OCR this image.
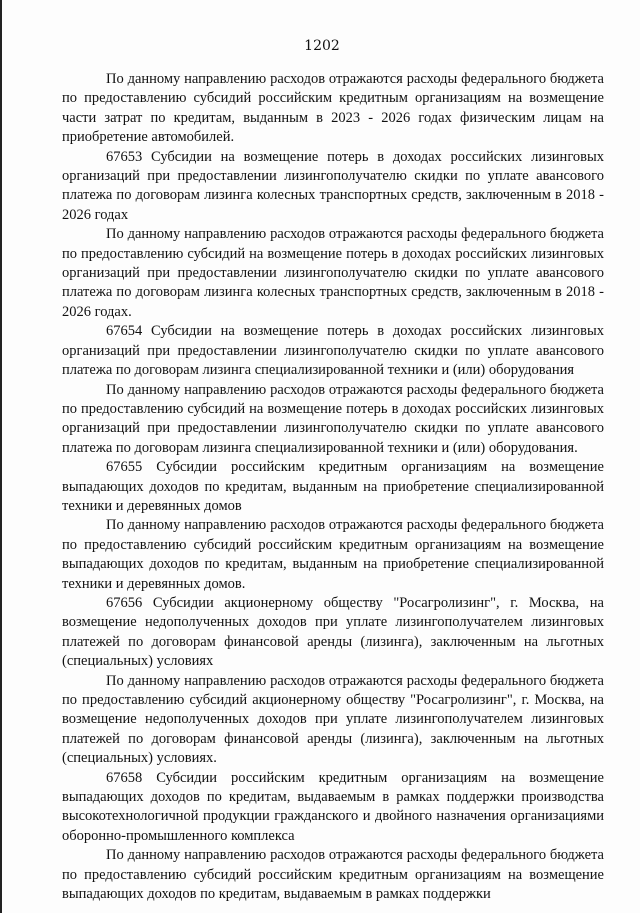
1202

По данному направлению расходов отражаются расходы федерального бюджета по предоставлению субсидий российским кредитным организациям на возмещение части затрат по кредитам, выданным в 2023 - 2026 годах физическим лицам на приобретение автомобилей.

67653 Субсидии на возмещение потерь в доходах российских лизинговых организаций при предоставлении лизингополучателю скидки по уплате авансового платежа по договорам лизинга колесных транспортных средств, заключенным в 2018 - 2026 годах

По данному направлению расходов отражаются расходы федерального бюджета по предоставлению субсидий на возмещение потерь в доходах российских лизинговых организаций при предоставлении лизингополучателю скидки по уплате авансового платежа по договорам лизинга колесных транспортных средств, заключенным в 2018 - 2026 годах.

67654 Субсидии на возмещение потерь в доходах российских лизинговых организаций при предоставлении лизингополучателю скидки по уплате авансового платежа по договорам лизинга специализированной техники и (или) оборудования

По данному направлению расходов отражаются расходы федерального бюджета по предоставлению субсидий на возмещение потерь в доходах российских лизинговых организаций при предоставлении лизингополучателю скидки по уплате авансового платежа по договорам лизинга специализированной техники и (или) оборудования.

67655 Субсидии российским кредитным организациям на возмещение выпадающих доходов по кредитам, выданным на приобретение специализированной техники и деревянных домов

По данному направлению расходов отражаются расходы федерального бюджета по предоставлению субсидий российским кредитным организациям на возмещение выпадающих доходов по кредитам, выданным на приобретение специализированной техники и деревянных домов.

67656 Субсидии акционерному обществу "Росагролизинг", г. Москва, на возмещение недополученных доходов при уплате лизингополучателем лизинговых платежей по договорам финансовой аренды (лизинга), заключенным на льготных (специальных) условиях

По данному направлению расходов отражаются расходы федерального бюджета по предоставлению субсидий акционерному обществу "Росагролизинг", г. Москва, на возмещение недополученных доходов при уплате лизингополучателем лизинговых платежей по договорам финансовой аренды (лизинга), заключенным на льготных (специальных) условиях.

67658 Субсидии российским кредитным организациям на возмещение выпадающих доходов по кредитам, выдаваемым в рамках поддержки производства высокотехнологичной продукции гражданского и двойного назначения организациями оборонно-промышленного комплекса

По данному направлению расходов отражаются расходы федерального бюджета по предоставлению субсидий российским кредитным организациям на возмещение выпадающих доходов по кредитам, выдаваемым в рамках поддержки
